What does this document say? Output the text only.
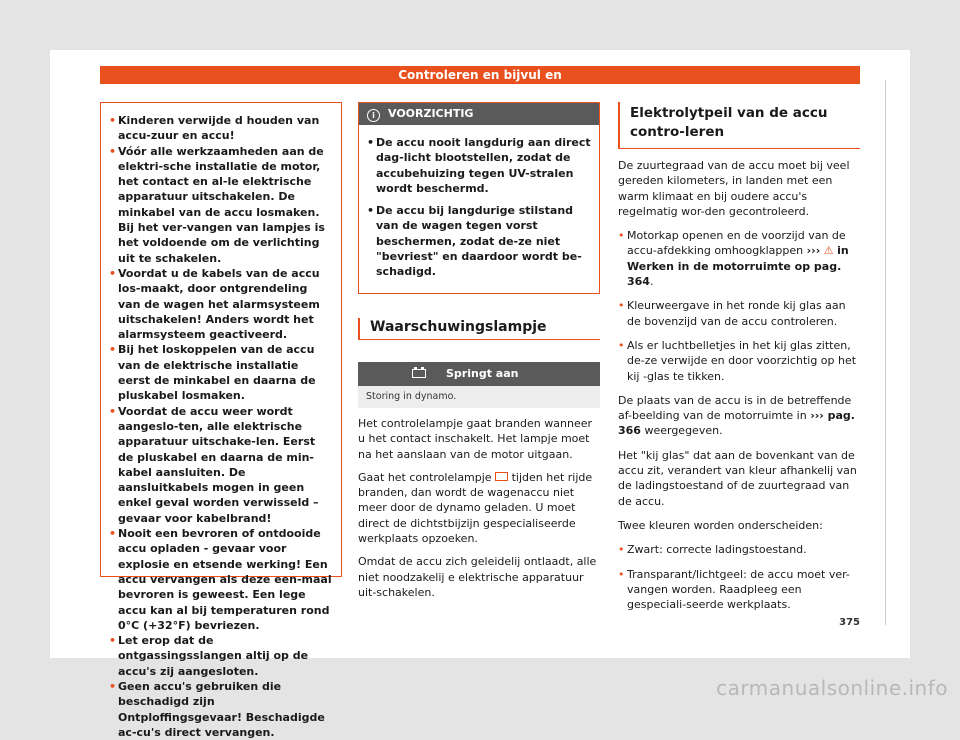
Controleren en bijvul en
• Kinderen verwijde d houden van accu-zuur en accu!
• Vóór alle werkzaamheden aan de elektri-sche installatie de motor, het contact en al-le elektrische apparatuur uitschakelen. De minkabel van de accu losmaken. Bij het ver-vangen van lampjes is het voldoende om de verlichting uit te schakelen.
• Voordat u de kabels van de accu los-maakt, door ontgrendeling van de wagen het alarmsysteem uitschakelen! Anders wordt het alarmsysteem geactiveerd.
• Bij het loskoppelen van de accu van de elektrische installatie eerst de minkabel en daarna de pluskabel losmaken.
• Voordat de accu weer wordt aangeslo-ten, alle elektrische apparatuur uitschake-len. Eerst de pluskabel en daarna de min-kabel aansluiten. De aansluitkabels mogen in geen enkel geval worden verwisseld – gevaar voor kabelbrand!
• Nooit een bevroren of ontdooide accu opladen - gevaar voor explosie en etsende werking! Een accu vervangen als deze een-maal bevroren is geweest. Een lege accu kan al bij temperaturen rond 0°C (+32°F) bevriezen.
• Let erop dat de ontgassingsslangen altij op de accu's zij aangesloten.
• Geen accu's gebruiken die beschadigd zijn Ontploffingsgevaar! Beschadigde ac-cu's direct vervangen.
i VOORZICHTIG
• De accu nooit langdurig aan direct dag-licht blootstellen, zodat de accubehuizing tegen UV-stralen wordt beschermd.
• De accu bij langdurige stilstand van de wagen tegen vorst beschermen, zodat de-ze niet "bevriest" en daardoor wordt be-schadigd.
Waarschuwingslampje
Springt aan
Storing in dynamo.

Het controlelampje gaat branden wanneer u het contact inschakelt. Het lampje moet na het aanslaan van de motor uitgaan.

Gaat het controlelampje tijden het rijde branden, dan wordt de wagenaccu niet meer door de dynamo geladen. U moet direct de dichtstbijzijn gespecialiseerde werkplaats opzoeken.

Omdat de accu zich geleidelij ontlaadt, alle niet noodzakelij e elektrische apparatuur uit-schakelen.

Elektrolytpeil van de accu contro-leren

De zuurtegraad van de accu moet bij veel gereden kilometers, in landen met een warm klimaat en bij oudere accu's regelmatig wor-den gecontroleerd.

• Motorkap openen en de voorzijd van de accu-afdekking omhoogklappen ››› ⚠ in Werken in de motorruimte op pag. 364.
• Kleurweergave in het ronde kij glas aan de bovenzijd van de accu controleren.
• Als er luchtbelletjes in het kij glas zitten, de-ze verwijde en door voorzichtig op het kij -glas te tikken.

De plaats van de accu is in de betreffende af-beelding van de motorruimte in ››› pag. 366 weergegeven.

Het "kij glas" dat aan de bovenkant van de accu zit, verandert van kleur afhankelij van de ladingstoestand of de zuurtegraad van de accu.

Twee kleuren worden onderscheiden:

• Zwart: correcte ladingstoestand.
• Transparant/lichtgeel: de accu moet ver-vangen worden. Raadpleeg een gespeciali-seerde werkplaats.
375
carmanualsonline.info
